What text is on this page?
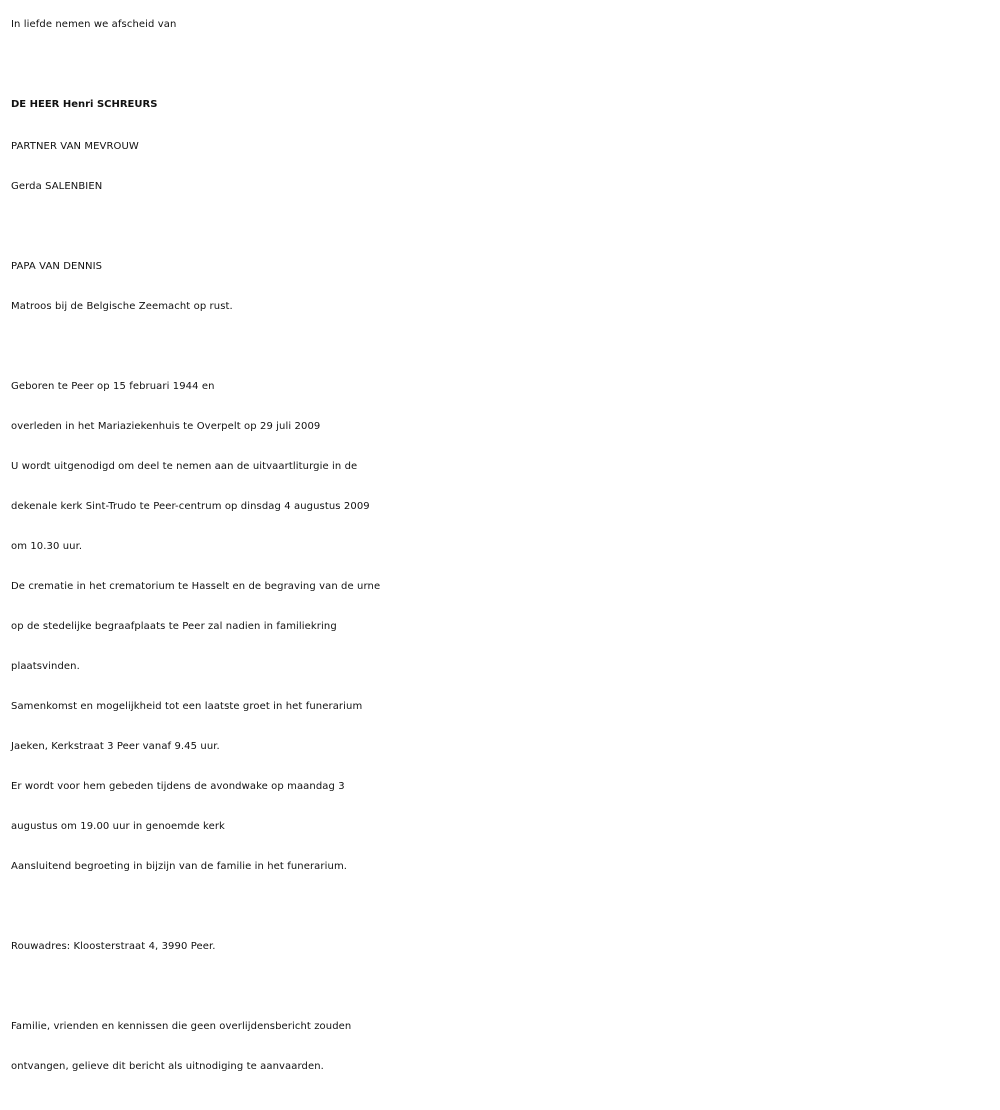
In liefde nemen we afscheid van
DE HEER Henri SCHREURS
PARTNER VAN MEVROUW
Gerda SALENBIEN
PAPA VAN DENNIS
Matroos bij de Belgische Zeemacht op rust.
Geboren te Peer op 15 februari 1944 en
overleden in het Mariaziekenhuis te Overpelt op 29 juli 2009
U wordt uitgenodigd om deel te nemen aan de uitvaartliturgie in de
dekenale kerk Sint-Trudo te Peer-centrum op dinsdag 4 augustus 2009
om 10.30 uur.
De crematie in het crematorium te Hasselt en de begraving van de urne
op de stedelijke begraafplaats te Peer zal nadien in familiekring
plaatsvinden.
Samenkomst en mogelijkheid tot een laatste groet in het funerarium
Jaeken, Kerkstraat 3 Peer vanaf 9.45 uur.
Er wordt voor hem gebeden tijdens de avondwake op maandag 3
augustus om 19.00 uur in genoemde kerk
Aansluitend begroeting in bijzijn van de familie in het funerarium.
Rouwadres: Kloosterstraat 4, 3990 Peer.
Familie, vrienden en kennissen die geen overlijdensbericht zouden
ontvangen, gelieve dit bericht als uitnodiging te aanvaarden.
